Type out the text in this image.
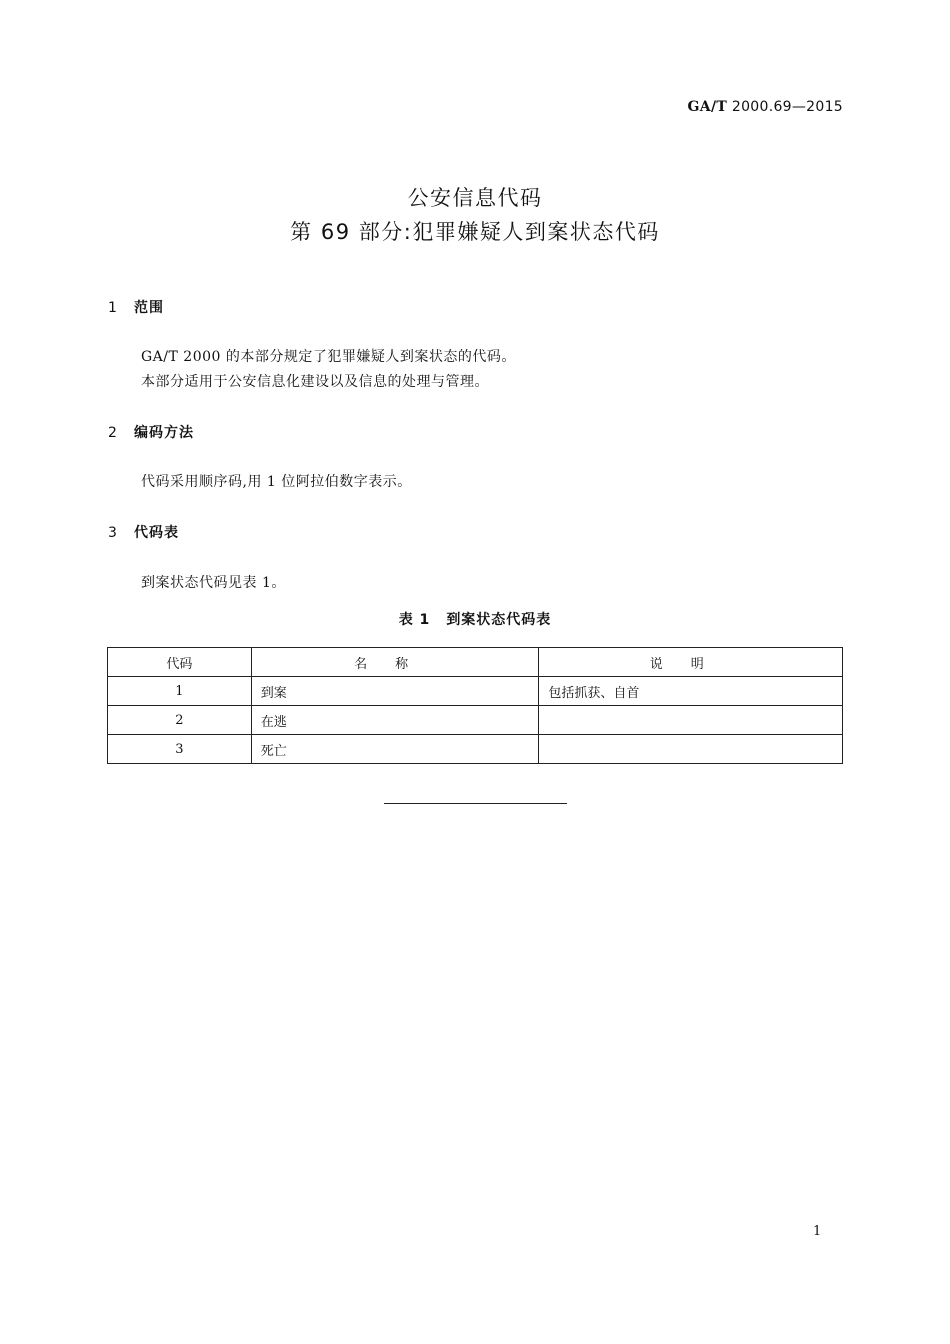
GA/T 2000.69—2015
公安信息代码
第 69 部分:犯罪嫌疑人到案状态代码
1 范围
GA/T 2000 的本部分规定了犯罪嫌疑人到案状态的代码。
本部分适用于公安信息化建设以及信息的处理与管理。
2 编码方法
代码采用顺序码,用 1 位阿拉伯数字表示。
3 代码表
到案状态代码见表 1。
表 1 到案状态代码表
代码	名称	说明
1	到案	包括抓获、自首
2	在逃	
3	死亡	
1
